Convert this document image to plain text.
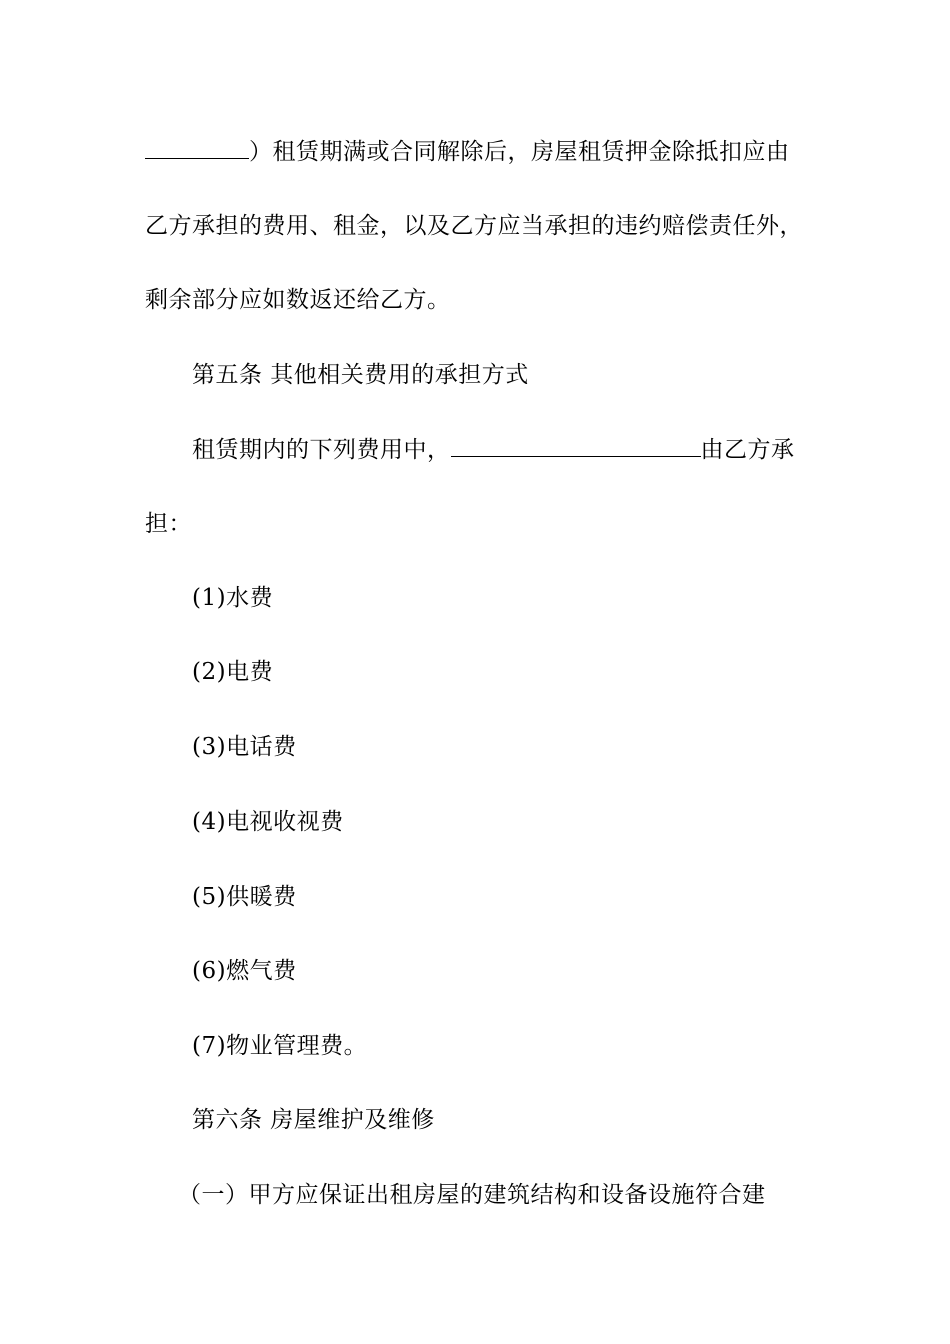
）租赁期满或合同解除后，房屋租赁押金除抵扣应由
乙方承担的费用、租金，以及乙方应当承担的违约赔偿责任外，
剩余部分应如数返还给乙方。
第五条 其他相关费用的承担方式
租赁期内的下列费用中，	由乙方承
担：
(1)水费
(2)电费
(3)电话费
(4)电视收视费
(5)供暖费
(6)燃气费
(7)物业管理费。
第六条 房屋维护及维修
（一）甲方应保证出租房屋的建筑结构和设备设施符合建
